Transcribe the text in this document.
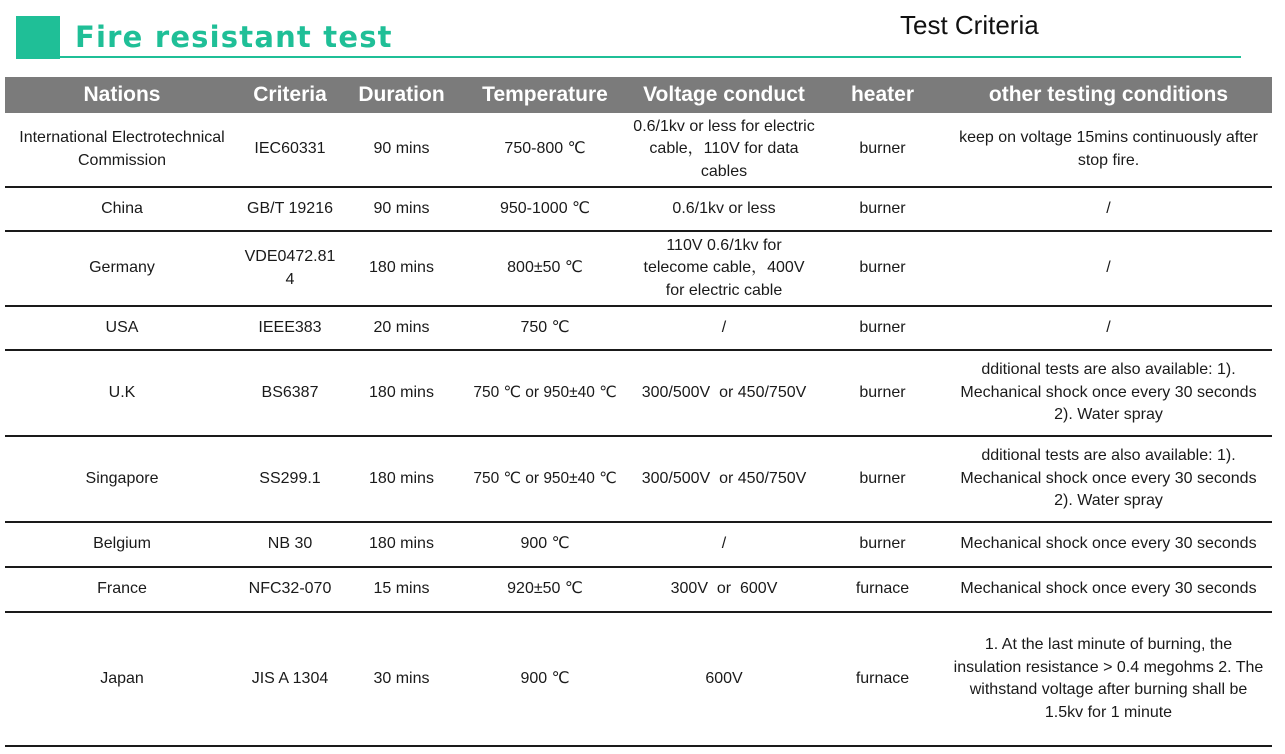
Fire resistant test	Test Criteria
Nations	Criteria	Duration	Temperature	Voltage conduct	heater	other testing conditions
International Electrotechnical Commission	IEC60331	90 mins	750-800 ℃	0.6/1kv or less for electric cable，110V for data cables	burner	keep on voltage 15mins continuously after stop fire.
China	GB/T 19216	90 mins	950-1000 ℃	0.6/1kv or less	burner	/
Germany	VDE0472.814	180 mins	800±50 ℃	110V 0.6/1kv for telecome cable，400V for electric cable	burner	/
USA	IEEE383	20 mins	750 ℃	/	burner	/
U.K	BS6387	180 mins	750 ℃ or 950±40 ℃	300/500V  or 450/750V	burner	dditional tests are also available: 1). Mechanical shock once every 30 seconds 2). Water spray
Singapore	SS299.1	180 mins	750 ℃ or 950±40 ℃	300/500V  or 450/750V	burner	dditional tests are also available: 1). Mechanical shock once every 30 seconds 2). Water spray
Belgium	NB 30	180 mins	900 ℃	/	burner	Mechanical shock once every 30 seconds
France	NFC32-070	15 mins	920±50 ℃	300V  or  600V	furnace	Mechanical shock once every 30 seconds
Japan	JIS A 1304	30 mins	900 ℃	600V	furnace	1. At the last minute of burning, the insulation resistance > 0.4 megohms 2. The withstand voltage after burning shall be 1.5kv for 1 minute
